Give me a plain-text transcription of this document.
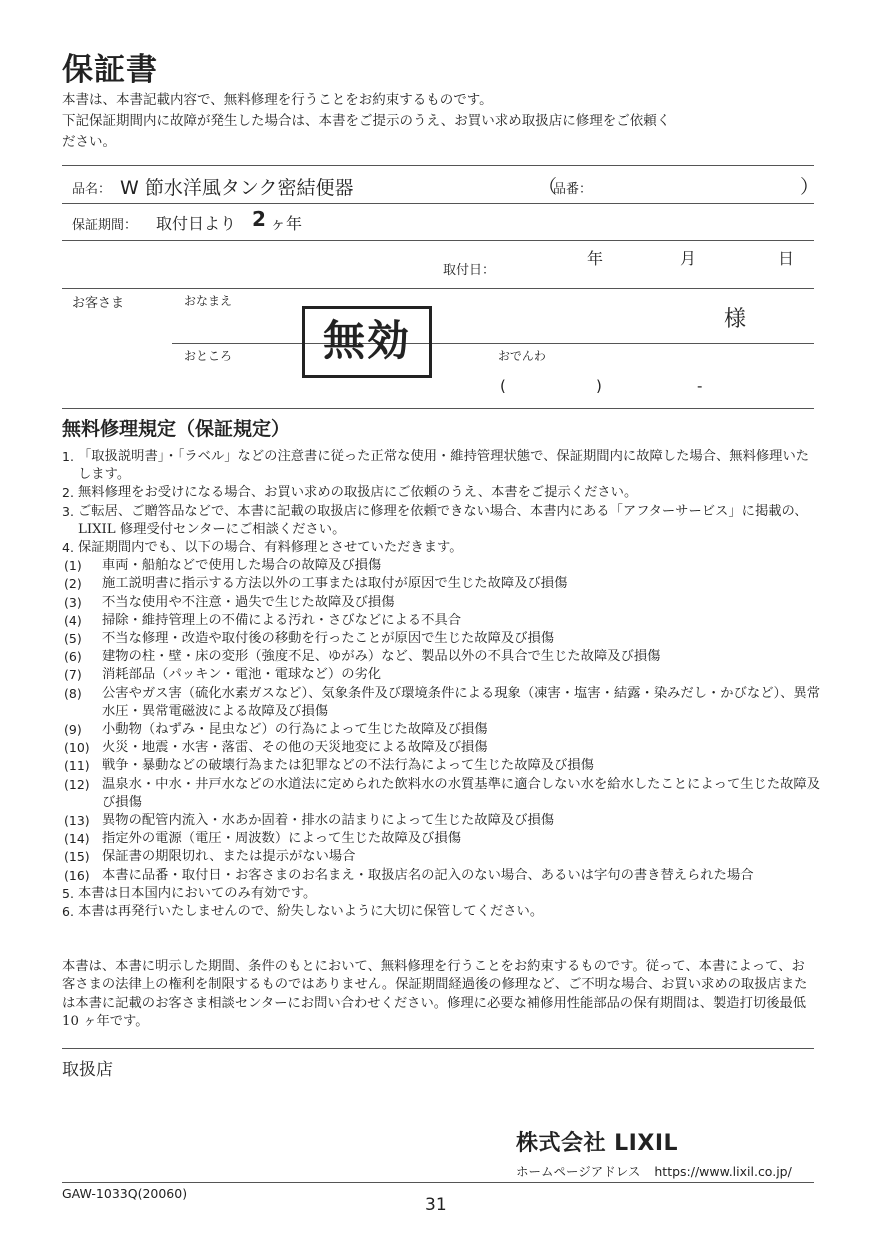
保証書
本書は、本書記載内容で、無料修理を行うことをお約束するものです。
下記保証期間内に故障が発生した場合は、本書をご提示のうえ、お買い求め取扱店に修理をご依頼く
ださい。
品名： W 節水洋風タンク密結便器	（
品番：	）
保証期間： 取付日より 2 ヶ年
取付日：
年	月	日
お客さま	おなまえ
様
おところ	おでんわ
(	)	-
無効
無料修理規定（保証規定）
1. 「取扱説明書」・「ラベル」などの注意書に従った正常な使用・維持管理状態で、保証期間内に故障した場合、無料修理いたします。
2. 無料修理をお受けになる場合、お買い求めの取扱店にご依頼のうえ、本書をご提示ください。
3. ご転居、ご贈答品などで、本書に記載の取扱店に修理を依頼できない場合、本書内にある「アフターサービス」に掲載の、LIXIL 修理受付センターにご相談ください。
4. 保証期間内でも、以下の場合、有料修理とさせていただきます。
(1) 車両・船舶などで使用した場合の故障及び損傷
(2) 施工説明書に指示する方法以外の工事または取付が原因で生じた故障及び損傷
(3) 不当な使用や不注意・過失で生じた故障及び損傷
(4) 掃除・維持管理上の不備による汚れ・さびなどによる不具合
(5) 不当な修理・改造や取付後の移動を行ったことが原因で生じた故障及び損傷
(6) 建物の柱・壁・床の変形（強度不足、ゆがみ）など、製品以外の不具合で生じた故障及び損傷
(7) 消耗部品（パッキン・電池・電球など）の劣化
(8) 公害やガス害（硫化水素ガスなど）、気象条件及び環境条件による現象（凍害・塩害・結露・染みだし・かびなど）、異常水圧・異常電磁波による故障及び損傷
(9) 小動物（ねずみ・昆虫など）の行為によって生じた故障及び損傷
(10) 火災・地震・水害・落雷、その他の天災地変による故障及び損傷
(11) 戦争・暴動などの破壊行為または犯罪などの不法行為によって生じた故障及び損傷
(12) 温泉水・中水・井戸水などの水道法に定められた飲料水の水質基準に適合しない水を給水したことによって生じた故障及び損傷
(13) 異物の配管内流入・水あか固着・排水の詰まりによって生じた故障及び損傷
(14) 指定外の電源（電圧・周波数）によって生じた故障及び損傷
(15) 保証書の期限切れ、または提示がない場合
(16) 本書に品番・取付日・お客さまのお名まえ・取扱店名の記入のない場合、あるいは字句の書き替えられた場合
5. 本書は日本国内においてのみ有効です。
6. 本書は再発行いたしませんので、紛失しないように大切に保管してください。

本書は、本書に明示した期間、条件のもとにおいて、無料修理を行うことをお約束するものです。従って、本書によって、お客さまの法律上の権利を制限するものではありません。保証期間経過後の修理など、ご不明な場合、お買い求めの取扱店または本書に記載のお客さま相談センターにお問い合わせください。修理に必要な補修用性能部品の保有期間は、製造打切後最低 10 ヶ年です。

取扱店
株式会社 LIXIL
ホームページアドレス https://www.lixil.co.jp/
GAW-1033Q(20060)
31
